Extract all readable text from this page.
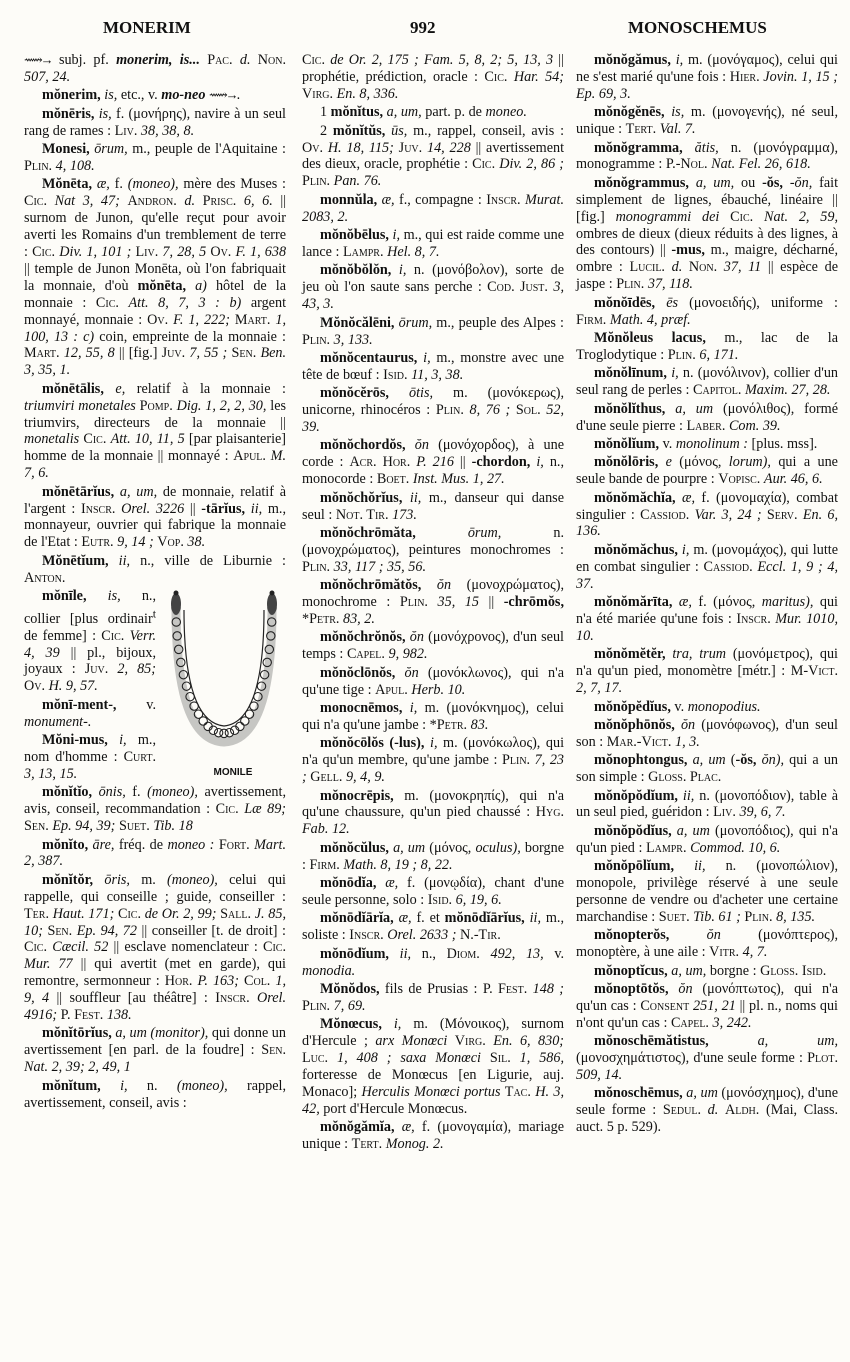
MONERIM	992	MONOSCHEMUS

⟿→ subj. pf. monerim, is... Pac. d. Non. 507, 24.

mŏnerim, is, etc., v. mo-neo ⟿→.

mŏnēris, is, f. (μονήρης), navire à un seul rang de rames : Liv. 38, 38, 8.

Monesi, ōrum, m., peuple de l'Aquitaine : Plin. 4, 108.

Mŏnēta, æ, f. (moneo), mère des Muses : Cic. Nat 3, 47; Andron. d. Prisc. 6, 6. || surnom de Junon, qu'elle reçut pour avoir averti les Romains d'un tremblement de terre : Cic. Div. 1, 101 ; Liv. 7, 28, 5 Ov. F. 1, 638 || temple de Junon Monēta, où l'on fabriquait la monnaie, d'où mŏnēta, a) hôtel de la monnaie : Cic. Att. 8, 7, 3 : b) argent monnayé, monnaie : Ov. F. 1, 222; Mart. 1, 100, 13 : c) coin, empreinte de la monnaie : Mart. 12, 55, 8 || [fig.] Juv. 7, 55 ; Sen. Ben. 3, 35, 1.

mŏnētālis, e, relatif à la monnaie : triumviri monetales Pomp. Dig. 1, 2, 2, 30, les triumvirs, directeurs de la monnaie || monetalis Cic. Att. 10, 11, 5 [par plaisanterie] homme de la monnaie || monnayé : Apul. M. 7, 6.

mŏnētārĭus, a, um, de monnaie, relatif à l'argent : Inscr. Orel. 3226 || -tārĭus, ii, m., monnayeur, ouvrier qui fabrique la monnaie de l'Etat : Eutr. 9, 14 ; Vop. 38.

Mŏnētĭum, ii, n., ville de Liburnie : Anton.

MONILE
mŏnīle, is, n., collier [plus ordinair$^t$ de femme] : Cic. Verr. 4, 39 || pl., bijoux, joyaux : Juv. 2, 85; Ov. H. 9, 57.

mŏnī-ment-, v. monument-.

Mŏni-mus, i, m., nom d'homme : Curt. 3, 13, 15.

mŏnĭtĭo, ōnis, f. (moneo), avertissement, avis, conseil, recommandation : Cic. Læ 89; Sen. Ep. 94, 39; Suet. Tib. 18

mŏnĭto, āre, fréq. de moneo : Fort. Mart. 2, 387.

mŏnĭtŏr, ōris, m. (moneo), celui qui rappelle, qui conseille ; guide, conseiller : Ter. Haut. 171; Cic. de Or. 2, 99; Sall. J. 85, 10; Sen. Ep. 94, 72 || conseiller [t. de droit] : Cic. Cæcil. 52 || esclave nomenclateur : Cic. Mur. 77 || qui avertit (met en garde), qui remontre, sermonneur : Hor. P. 163; Col. 1, 9, 4 || souffleur [au théâtre] : Inscr. Orel. 4916; P. Fest. 138.

mŏnĭtōrĭus, a, um (monitor), qui donne un avertissement [en parl. de la foudre] : Sen. Nat. 2, 39; 2, 49, 1

mŏnĭtum, i, n. (moneo), rappel, avertissement, conseil, avis :

Cic. de Or. 2, 175 ; Fam. 5, 8, 2; 5, 13, 3 || prophétie, prédiction, oracle : Cic. Har. 54; Virg. En. 8, 336.

1 mŏnĭtus, a, um, part. p. de moneo.

2 mŏnĭtŭs, ūs, m., rappel, conseil, avis : Ov. H. 18, 115; Juv. 14, 228 || avertissement des dieux, oracle, prophétie : Cic. Div. 2, 86 ; Plin. Pan. 76.

monnŭla, æ, f., compagne : Inscr. Murat. 2083, 2.

mŏnŏbēlus, i, m., qui est raide comme une lance : Lampr. Hel. 8, 7.

mŏnŏbŏlŏn, i, n. (μονόβολον), sorte de jeu où l'on saute sans perche : Cod. Just. 3, 43, 3.

Mŏnŏcălēni, ōrum, m., peuple des Alpes : Plin. 3, 133.

mŏnŏcentaurus, i, m., monstre avec une tête de bœuf : Isid. 11, 3, 38.

mŏnŏcĕrōs, ōtis, m. (μονόκερως), unicorne, rhinocéros : Plin. 8, 76 ; Sol. 52, 39.

mŏnŏchordŏs, ŏn (μονόχορδος), à une corde : Acr. Hor. P. 216 || -chordon, i, n., monocorde : Boet. Inst. Mus. 1, 27.

mŏnŏchŏrĭus, ii, m., danseur qui danse seul : Not. Tir. 173.

mŏnŏchrōmăta,	ōrum, n. (μονοχρώματος), peintures monochromes : Plin. 33, 117 ; 35, 56.

mŏnŏchrōmătŏs, ŏn (μονοχρώματος), monochrome : Plin. 35, 15 || -chrōmŏs, *Petr. 83, 2.

mŏnŏchrŏnŏs, ŏn (μονόχρονος), d'un seul temps : Capel. 9, 982.

mŏnŏclōnŏs, ŏn (μονόκλωνος), qui n'a qu'une tige : Apul. Herb. 10.

monocnēmos, i, m. (μονόκνημος), celui qui n'a qu'une jambe : *Petr. 83.

mŏnŏcōlŏs (-lus), i, m. (μονόκωλος), qui n'a qu'un membre, qu'une jambe : Plin. 7, 23 ; Gell. 9, 4, 9.

mŏnocrēpis, m. (μονοκρηπίς), qui n'a qu'une chaussure, qu'un pied chaussé : Hyg. Fab. 12.

mŏnŏcŭlus, a, um (μόνος, oculus), borgne : Firm. Math. 8, 19 ; 8, 22.

mŏnōdĭa, æ, f. (μονῳδία), chant d'une seule personne, solo : Isid. 6, 19, 6.

mŏnōdĭārĭa, æ, f. et mŏnōdĭārĭus, ii, m., soliste : Inscr. Orel. 2633 ; N.-Tir.

mŏnōdĭum, ii, n., Diom. 492, 13, v. monodia.

Mŏnŏdos, fils de Prusias : P. Fest. 148 ; Plin. 7, 69.

Mŏnœcus, i, m. (Μόνοικος), surnom d'Hercule ; arx Monœci Virg. En. 6, 830; Luc. 1, 408 ; saxa Monœci Sil. 1, 586, forteresse de Monœcus [en Ligurie, auj. Monaco]; Herculis Monœci portus Tac. H. 3, 42, port d'Hercule Monœcus.

mŏnŏgămĭa, æ, f. (μονογαμία), mariage unique : Tert. Monog. 2.

mŏnŏgămus, i, m. (μονόγαμος), celui qui ne s'est marié qu'une fois : Hier. Jovin. 1, 15 ; Ep. 69, 3.

mŏnŏgĕnēs, is, m. (μονογενής), né seul, unique : Tert. Val. 7.

mŏnŏgramma, ătis, n. (μονόγραμμα), monogramme : P.-Nol. Nat. Fel. 26, 618.

mŏnŏgrammus, a, um, ou -ŏs, -ŏn, fait simplement de lignes, ébauché, linéaire || [fig.] monogrammi dei Cic. Nat. 2, 59, ombres de dieux (dieux réduits à des lignes, à des contours) || -mus, m., maigre, décharné, ombre : Lucil. d. Non. 37, 11 || espèce de jaspe : Plin. 37, 118.

mŏnŏīdēs, ēs (μονοειδής), uniforme : Firm. Math. 4, præf.

Mŏnŏleus lacus, m., lac de la Troglodytique : Plin. 6, 171.

mŏnŏlīnum, i, n. (μονόλινον), collier d'un seul rang de perles : Capitol. Maxim. 27, 28.

mŏnŏlĭthus, a, um (μονόλιθος), formé d'une seule pierre : Laber. Com. 39.

mŏnŏlĭum, v. monolinum : [plus. mss].

mŏnŏlōris, e (μόνος, lorum), qui a une seule bande de pourpre : Vopisc. Aur. 46, 6.

mŏnŏmăchĭa, æ, f. (μονομαχία), combat singulier : Cassiod. Var. 3, 24 ; Serv. En. 6, 136.

mŏnŏmăchus, i, m. (μονομάχος), qui lutte en combat singulier : Cassiod. Eccl. 1, 9 ; 4, 37.

mŏnŏmărīta, æ, f. (μόνος, maritus), qui n'a été mariée qu'une fois : Inscr. Mur. 1010, 10.

mŏnŏmĕtĕr, tra, trum (μονόμετρος), qui n'a qu'un pied, monomètre [métr.] : M-Vict. 2, 7, 17.

mŏnŏpĕdĭus, v. monopodius.

mŏnŏphōnŏs, ŏn (μονόφωνος), d'un seul son : Mar.-Vict. 1, 3.

mŏnophtongus, a, um (-ŏs, ŏn), qui a un son simple : Gloss. Plac.

mŏnŏpŏdĭum, ii, n. (μονοπόδιον), table à un seul pied, guéridon : Liv. 39, 6, 7.

mŏnŏpŏdĭus, a, um (μονοπόδιος), qui n'a qu'un pied : Lampr. Commod. 10, 6.

mŏnŏpōlĭum, ii, n. (μονοπώλιον), monopole, privilège réservé à une seule personne de vendre ou d'acheter une certaine marchandise : Suet. Tib. 61 ; Plin. 8, 135.

mŏnopterŏs,	ŏn (μονόπτερος), monoptère, à une aile : Vitr. 4, 7.

mŏnoptĭcus, a, um, borgne : Gloss. Isid.

mŏnoptōtŏs, ŏn (μονόπτωτος), qui n'a qu'un cas : Consent 251, 21 || pl. n., noms qui n'ont qu'un cas : Capel. 3, 242.

mŏnoschēmătistus,	a, um, (μονοσχημάτιστος), d'une seule forme : Plot. 509, 14.

mŏnoschēmus, a, um (μονόσχημος), d'une seule forme : Sedul. d. Aldh. (Mai, Class. auct. 5 p. 529).
